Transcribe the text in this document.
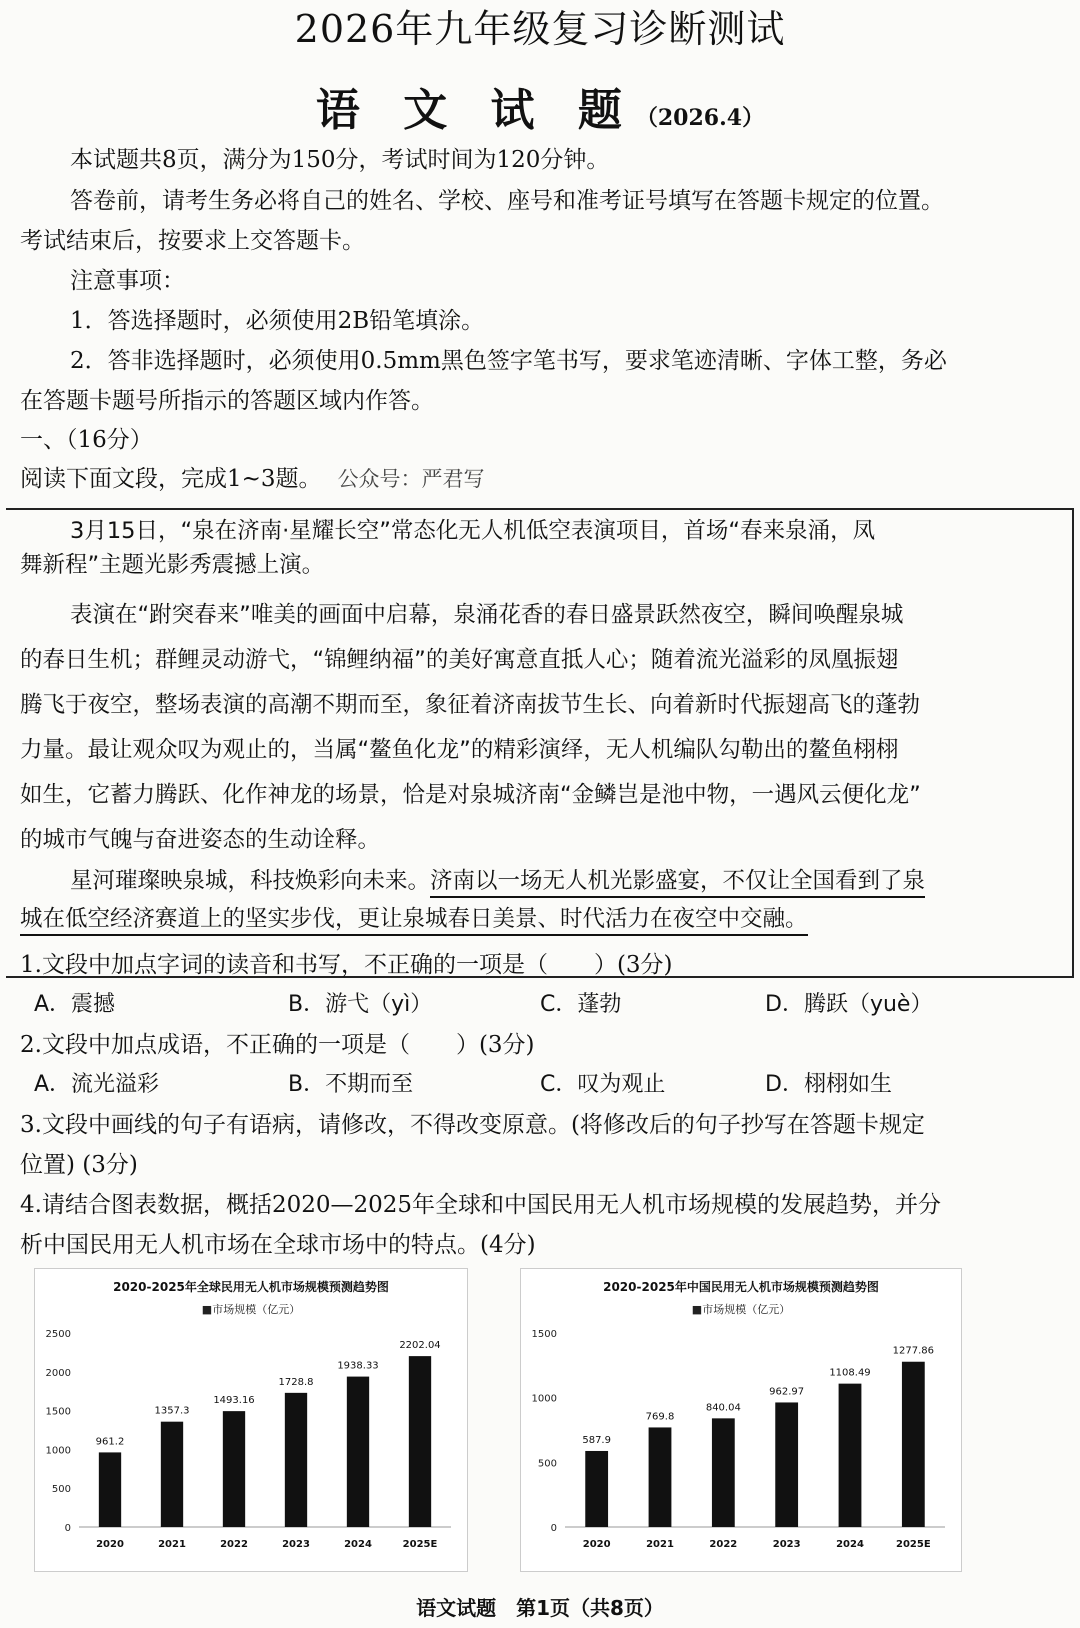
2026年九年级复习诊断测试
语 文 试 题（2026.4）
本试题共8页，满分为150分，考试时间为120分钟。
答卷前，请考生务必将自己的姓名、学校、座号和准考证号填写在答题卡规定的位置。
考试结束后，按要求上交答题卡。
注意事项：
1．答选择题时，必须使用2B铅笔填涂。
2．答非选择题时，必须使用0.5mm黑色签字笔书写，要求笔迹清晰、字体工整，务必
在答题卡题号所指示的答题区域内作答。
一、（16分）
阅读下面文段，完成1~3题。 公众号：严君写
3月15日，“泉在济南·星耀长空”常态化无人机低空表演项目，首场“春来泉涌，凤
舞新程”主题光影秀震撼上演。
表演在“跗突春来”唯美的画面中启幕，泉涌花香的春日盛景跃然夜空，瞬间唤醒泉城
的春日生机；群鲤灵动游弋，“锦鲤纳福”的美好寓意直抵人心；随着流光溢彩的凤凰振翅
腾飞于夜空，整场表演的高潮不期而至，象征着济南拔节生长、向着新时代振翅高飞的蓬勃
力量。最让观众叹为观止的，当属“鳌鱼化龙”的精彩演绎，无人机编队勾勒出的鳌鱼栩栩
如生，它蓄力腾跃、化作神龙的场景，恰是对泉城济南“金鳞岂是池中物，一遇风云便化龙”
的城市气魄与奋进姿态的生动诠释。
星河璀璨映泉城，科技焕彩向未来。济南以一场无人机光影盛宴，不仅让全国看到了泉
城在低空经济赛道上的坚实步伐，更让泉城春日美景、时代活力在夜空中交融。
1.文段中加点字词的读音和书写，不正确的一项是（　　）(3分)
A．震撼	B．游弋（yì）	C．蓬勃	D．腾跃（yuè）
2.文段中加点成语，不正确的一项是（　　）(3分)
A．流光溢彩	B．不期而至	C．叹为观止	D．栩栩如生
3.文段中画线的句子有语病，请修改，不得改变原意。(将修改后的句子抄写在答题卡规定
位置) (3分)
4.请结合图表数据，概括2020—2025年全球和中国民用无人机市场规模的发展趋势，并分
析中国民用无人机市场在全球市场中的特点。(4分)
2020-2025年全球民用无人机市场规模预测趋势图
■市场规模（亿元）
0
500
1000
1500
2000
2500
961.2
2020
1357.3
2021
1493.16
2022
1728.8
2023
1938.33
2024
2202.04
2025E
2020-2025年中国民用无人机市场规模预测趋势图
■市场规模（亿元）
0
500
1000
1500
587.9
2020
769.8
2021
840.04
2022
962.97
2023
1108.49
2024
1277.86
2025E
语文试题　第1页（共8页）
